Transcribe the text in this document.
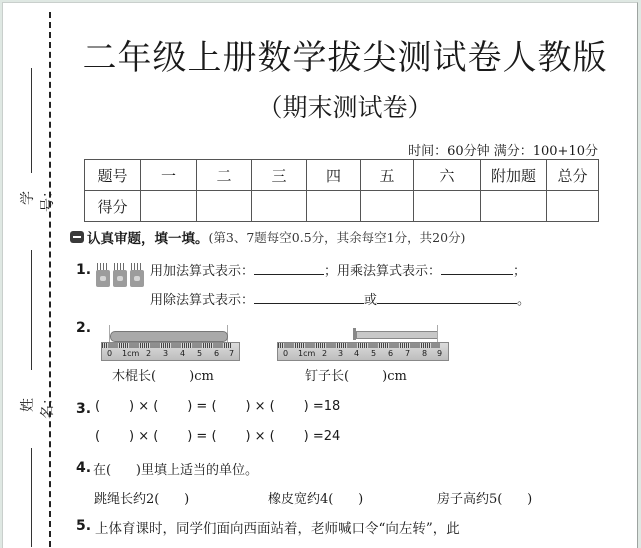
学号：
姓名：
二年级上册数学拔尖测试卷人教版
（期末测试卷）
时间：60分钟 满分：100+10分
题号	一	二	三	四	五	六	附加题	总分
得分								
认真审题，填一填。 (第3、7题每空0.5分，其余每空1分，共20分)
1.	用加法算式表示：	；用乘法算式表示：	；
用除法算式表示：	或	。
2.
0 1cm 2 3 4 5 6 7
木棍长(        )cm
0 1cm 2 3 4 5 6 7 8 9
钉子长(        )cm
3. (       ) × (       ) = (       ) × (       ) =18
(       ) × (       ) = (       ) × (       ) =24
4. 在(      )里填上适当的单位。
跳绳长约2(      )	橡皮宽约4(      )	房子高约5(      )
5. 上体育课时，同学们面向西面站着，老师喊口令“向左转”，此
